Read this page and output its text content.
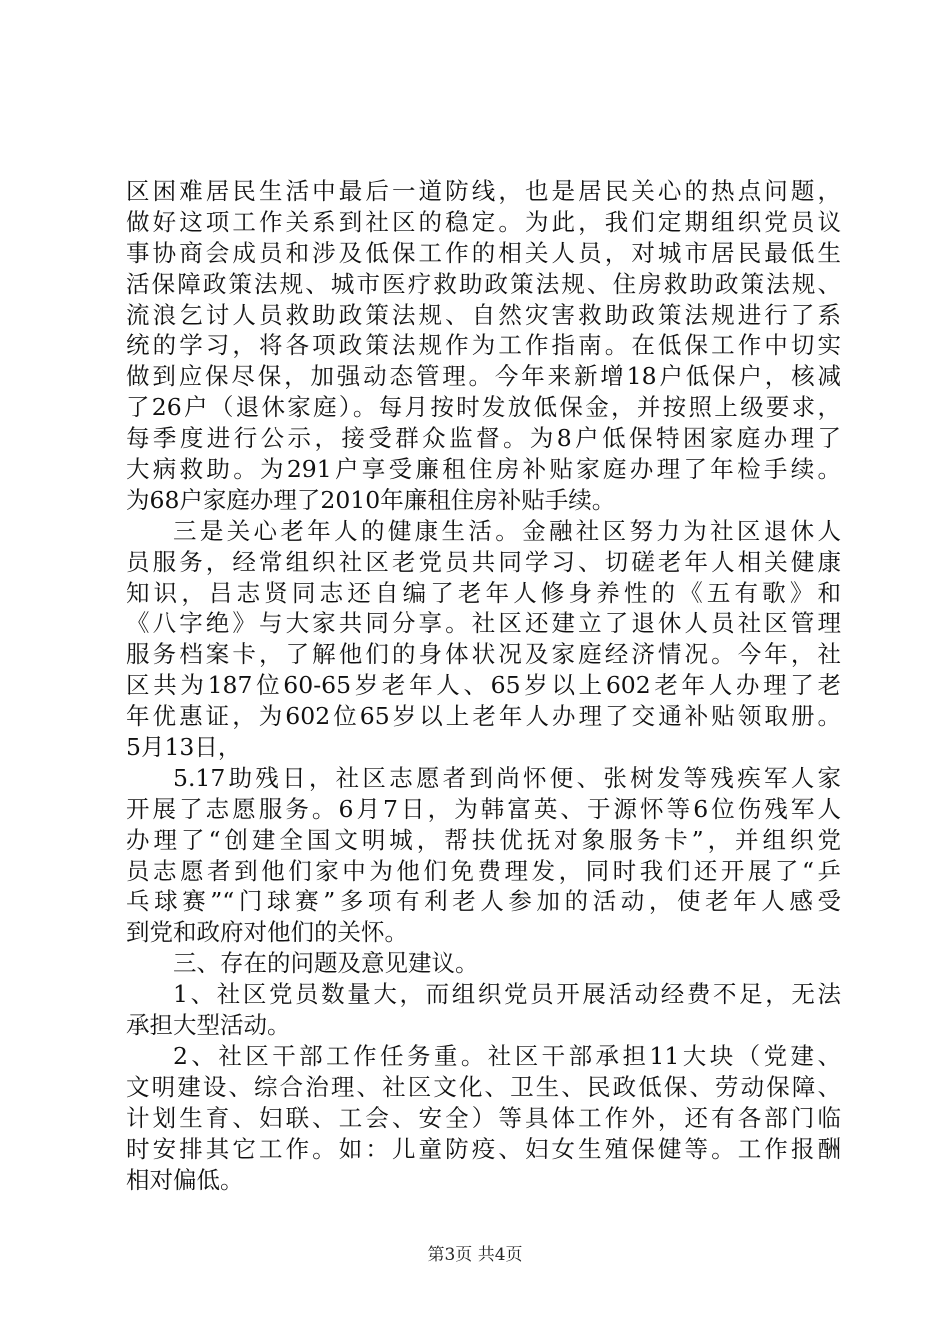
区困难居民生活中最后一道防线，也是居民关心的热点问题，
做好这项工作关系到社区的稳定。为此，我们定期组织党员议
事协商会成员和涉及低保工作的相关人员，对城市居民最低生
活保障政策法规、城市医疗救助政策法规、住房救助政策法规、
流浪乞讨人员救助政策法规、自然灾害救助政策法规进行了系
统的学习，将各项政策法规作为工作指南。在低保工作中切实
做到应保尽保，加强动态管理。今年来新增18户低保户，核减
了26户（退休家庭）。每月按时发放低保金，并按照上级要求，
每季度进行公示，接受群众监督。为8户低保特困家庭办理了
大病救助。为291户享受廉租住房补贴家庭办理了年检手续。
为68户家庭办理了2010年廉租住房补贴手续。
三是关心老年人的健康生活。金融社区努力为社区退休人
员服务，经常组织社区老党员共同学习、切磋老年人相关健康
知识，吕志贤同志还自编了老年人修身养性的《五有歌》和
《八字绝》与大家共同分享。社区还建立了退休人员社区管理
服务档案卡，了解他们的身体状况及家庭经济情况。今年，社
区共为187位60-65岁老年人、65岁以上602老年人办理了老
年优惠证，为602位65岁以上老年人办理了交通补贴领取册。
5月13日，
5.17助残日，社区志愿者到尚怀便、张树发等残疾军人家
开展了志愿服务。6月7日，为韩富英、于源怀等6位伤残军人
办理了“创建全国文明城，帮扶优抚对象服务卡”，并组织党
员志愿者到他们家中为他们免费理发，同时我们还开展了“乒
乓球赛”“门球赛”多项有利老人参加的活动，使老年人感受
到党和政府对他们的关怀。
三、存在的问题及意见建议。
1、社区党员数量大，而组织党员开展活动经费不足，无法
承担大型活动。
2、社区干部工作任务重。社区干部承担11大块（党建、
文明建设、综合治理、社区文化、卫生、民政低保、劳动保障、
计划生育、妇联、工会、安全）等具体工作外，还有各部门临
时安排其它工作。如：儿童防疫、妇女生殖保健等。工作报酬
相对偏低。
第3页 共4页
